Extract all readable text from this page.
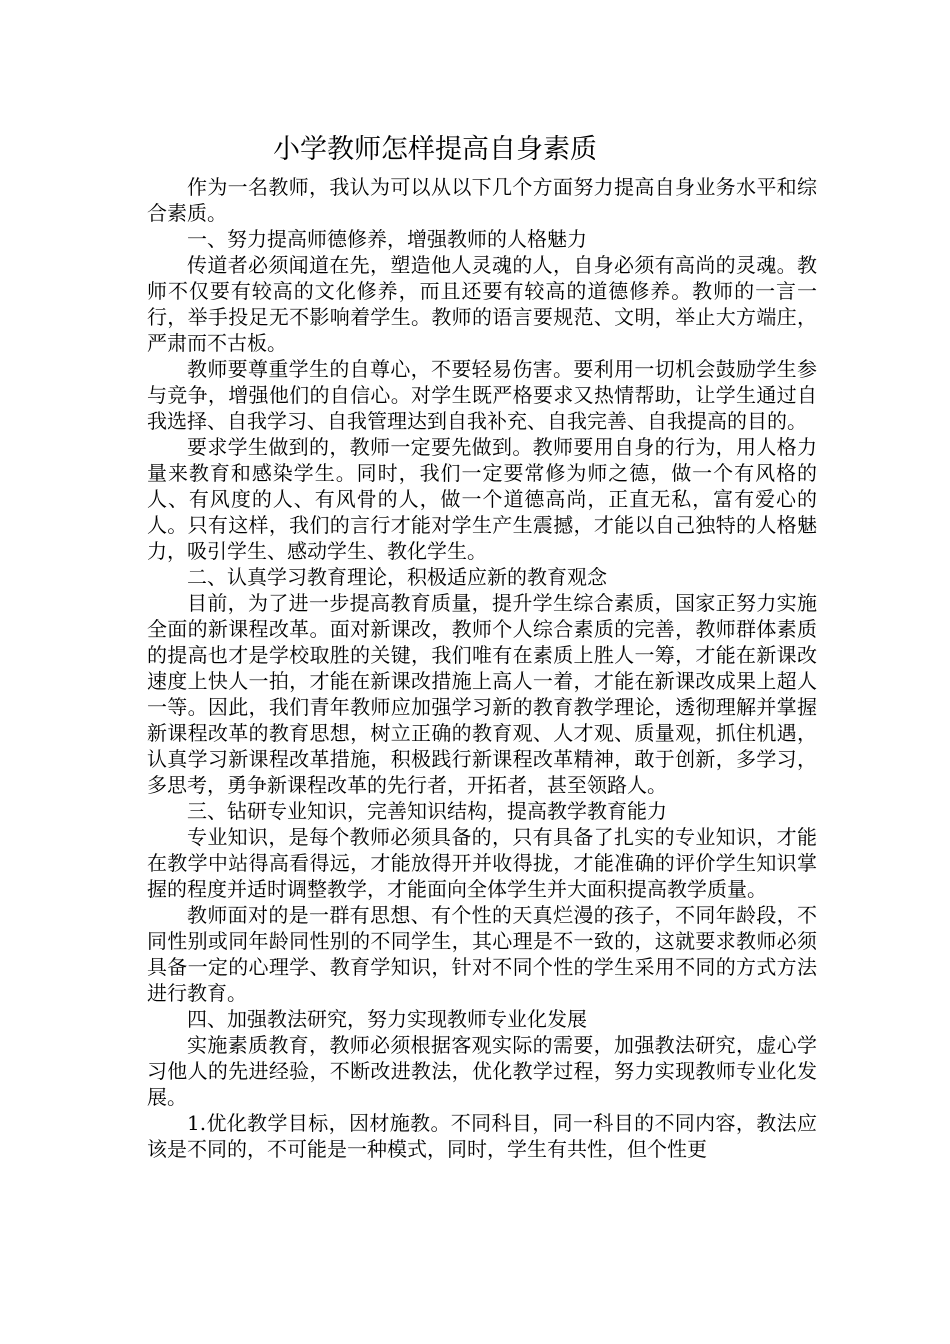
小学教师怎样提高自身素质

作为一名教师，我认为可以从以下几个方面努力提高自身业务水平和综合素质。

一、努力提高师德修养，增强教师的人格魅力

传道者必须闻道在先，塑造他人灵魂的人，自身必须有高尚的灵魂。教师不仅要有较高的文化修养，而且还要有较高的道德修养。教师的一言一行，举手投足无不影响着学生。教师的语言要规范、文明，举止大方端庄，严肃而不古板。

教师要尊重学生的自尊心，不要轻易伤害。要利用一切机会鼓励学生参与竞争，增强他们的自信心。对学生既严格要求又热情帮助，让学生通过自我选择、自我学习、自我管理达到自我补充、自我完善、自我提高的目的。

要求学生做到的，教师一定要先做到。教师要用自身的行为，用人格力量来教育和感染学生。同时，我们一定要常修为师之德，做一个有风格的人、有风度的人、有风骨的人，做一个道德高尚，正直无私，富有爱心的人。只有这样，我们的言行才能对学生产生震撼，才能以自己独特的人格魅力，吸引学生、感动学生、教化学生。

二、认真学习教育理论，积极适应新的教育观念

目前，为了进一步提高教育质量，提升学生综合素质，国家正努力实施全面的新课程改革。面对新课改，教师个人综合素质的完善，教师群体素质的提高也才是学校取胜的关键，我们唯有在素质上胜人一筹，才能在新课改速度上快人一拍，才能在新课改措施上高人一着，才能在新课改成果上超人一等。因此，我们青年教师应加强学习新的教育教学理论，透彻理解并掌握新课程改革的教育思想，树立正确的教育观、人才观、质量观，抓住机遇，认真学习新课程改革措施，积极践行新课程改革精神，敢于创新，多学习，多思考，勇争新课程改革的先行者，开拓者，甚至领路人。

三、钻研专业知识，完善知识结构，提高教学教育能力

专业知识，是每个教师必须具备的，只有具备了扎实的专业知识，才能在教学中站得高看得远，才能放得开并收得拢，才能准确的评价学生知识掌握的程度并适时调整教学，才能面向全体学生并大面积提高教学质量。

教师面对的是一群有思想、有个性的天真烂漫的孩子，不同年龄段，不同性别或同年龄同性别的不同学生，其心理是不一致的，这就要求教师必须具备一定的心理学、教育学知识，针对不同个性的学生采用不同的方式方法进行教育。

四、加强教法研究，努力实现教师专业化发展

实施素质教育，教师必须根据客观实际的需要，加强教法研究，虚心学习他人的先进经验，不断改进教法，优化教学过程，努力实现教师专业化发展。

1.优化教学目标，因材施教。不同科目，同一科目的不同内容，教法应该是不同的，不可能是一种模式，同时，学生有共性，但个性更
